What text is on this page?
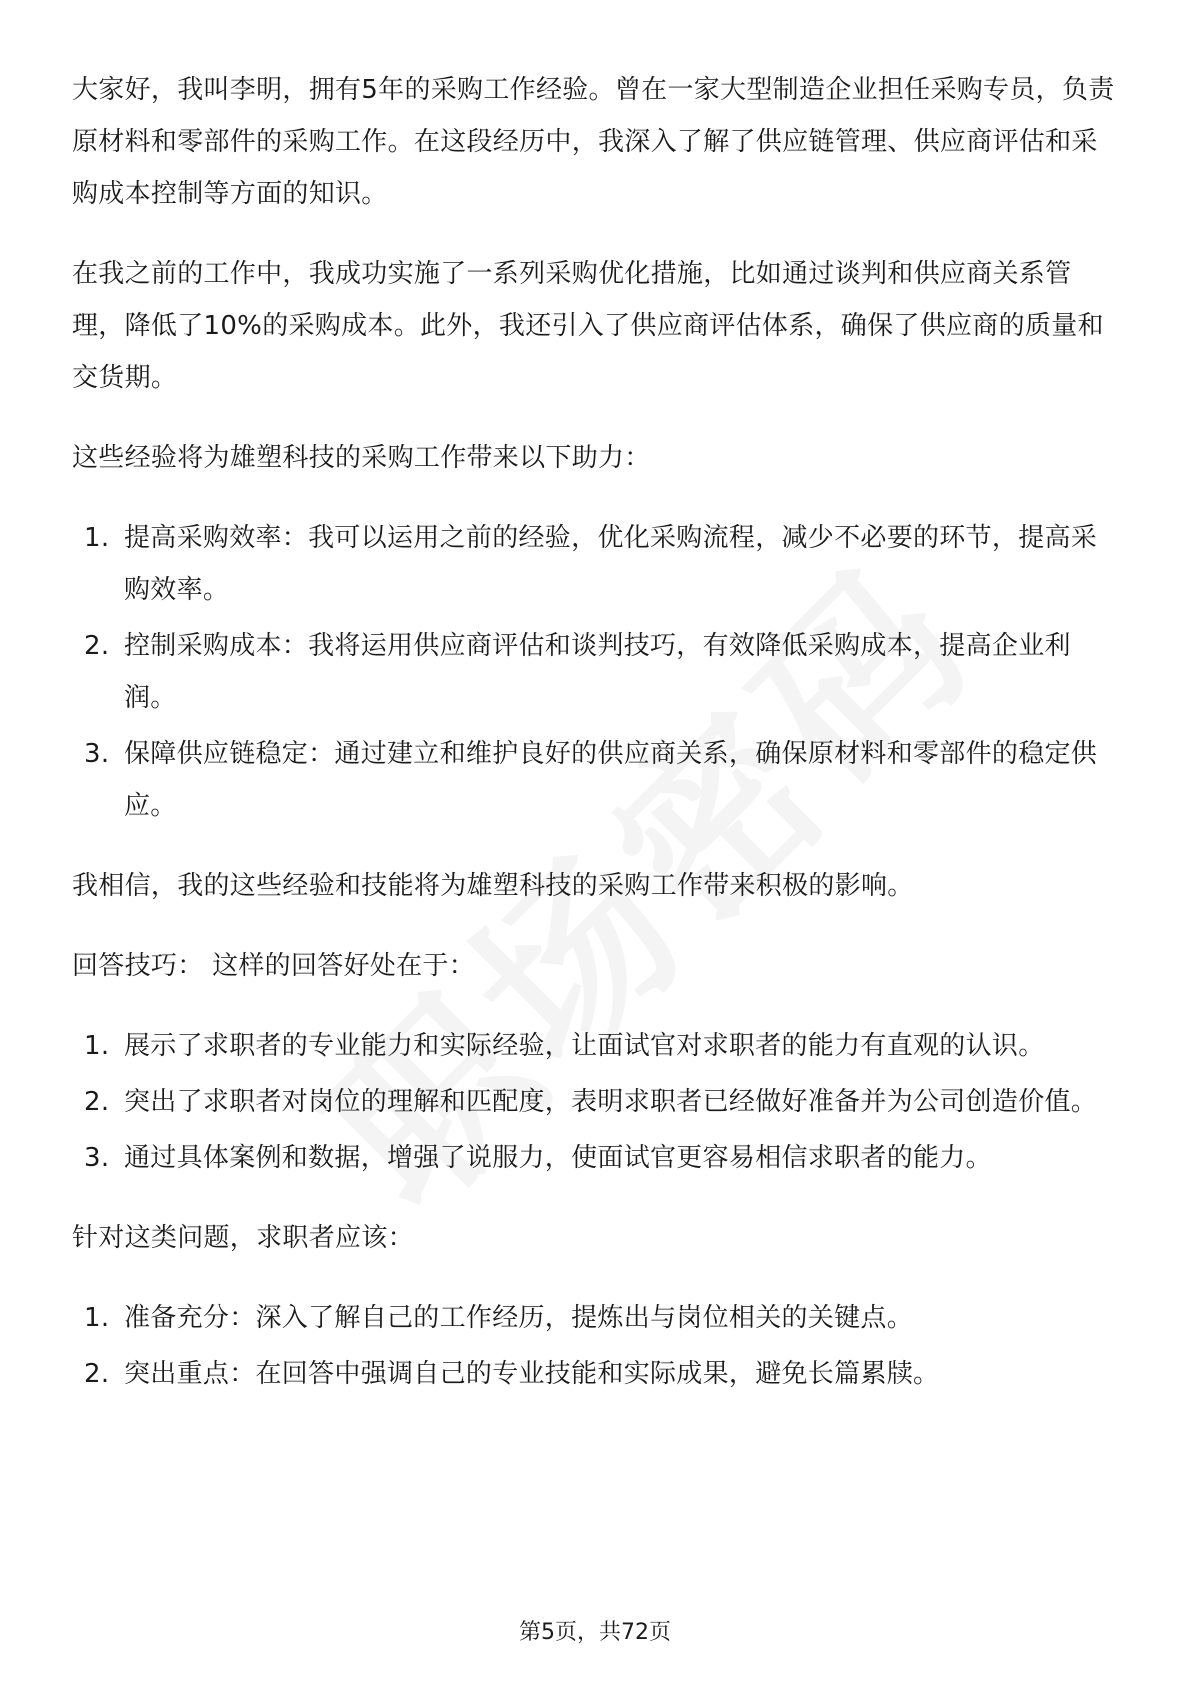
大家好，我叫李明，拥有5年的采购工作经验。曾在一家大型制造企业担任采购专员，负责原材料和零部件的采购工作。在这段经历中，我深入了解了供应链管理、供应商评估和采购成本控制等方面的知识。

在我之前的工作中，我成功实施了一系列采购优化措施，比如通过谈判和供应商关系管理，降低了10%的采购成本。此外，我还引入了供应商评估体系，确保了供应商的质量和交货期。

这些经验将为雄塑科技的采购工作带来以下助力：

1. 提高采购效率：我可以运用之前的经验，优化采购流程，减少不必要的环节，提高采购效率。
2. 控制采购成本：我将运用供应商评估和谈判技巧，有效降低采购成本，提高企业利润。
3. 保障供应链稳定：通过建立和维护良好的供应商关系，确保原材料和零部件的稳定供应。

我相信，我的这些经验和技能将为雄塑科技的采购工作带来积极的影响。

回答技巧： 这样的回答好处在于：

1. 展示了求职者的专业能力和实际经验，让面试官对求职者的能力有直观的认识。
2. 突出了求职者对岗位的理解和匹配度，表明求职者已经做好准备并为公司创造价值。
3. 通过具体案例和数据，增强了说服力，使面试官更容易相信求职者的能力。

针对这类问题，求职者应该：

1. 准备充分：深入了解自己的工作经历，提炼出与岗位相关的关键点。
2. 突出重点：在回答中强调自己的专业技能和实际成果，避免长篇累牍。
第5页，共72页
